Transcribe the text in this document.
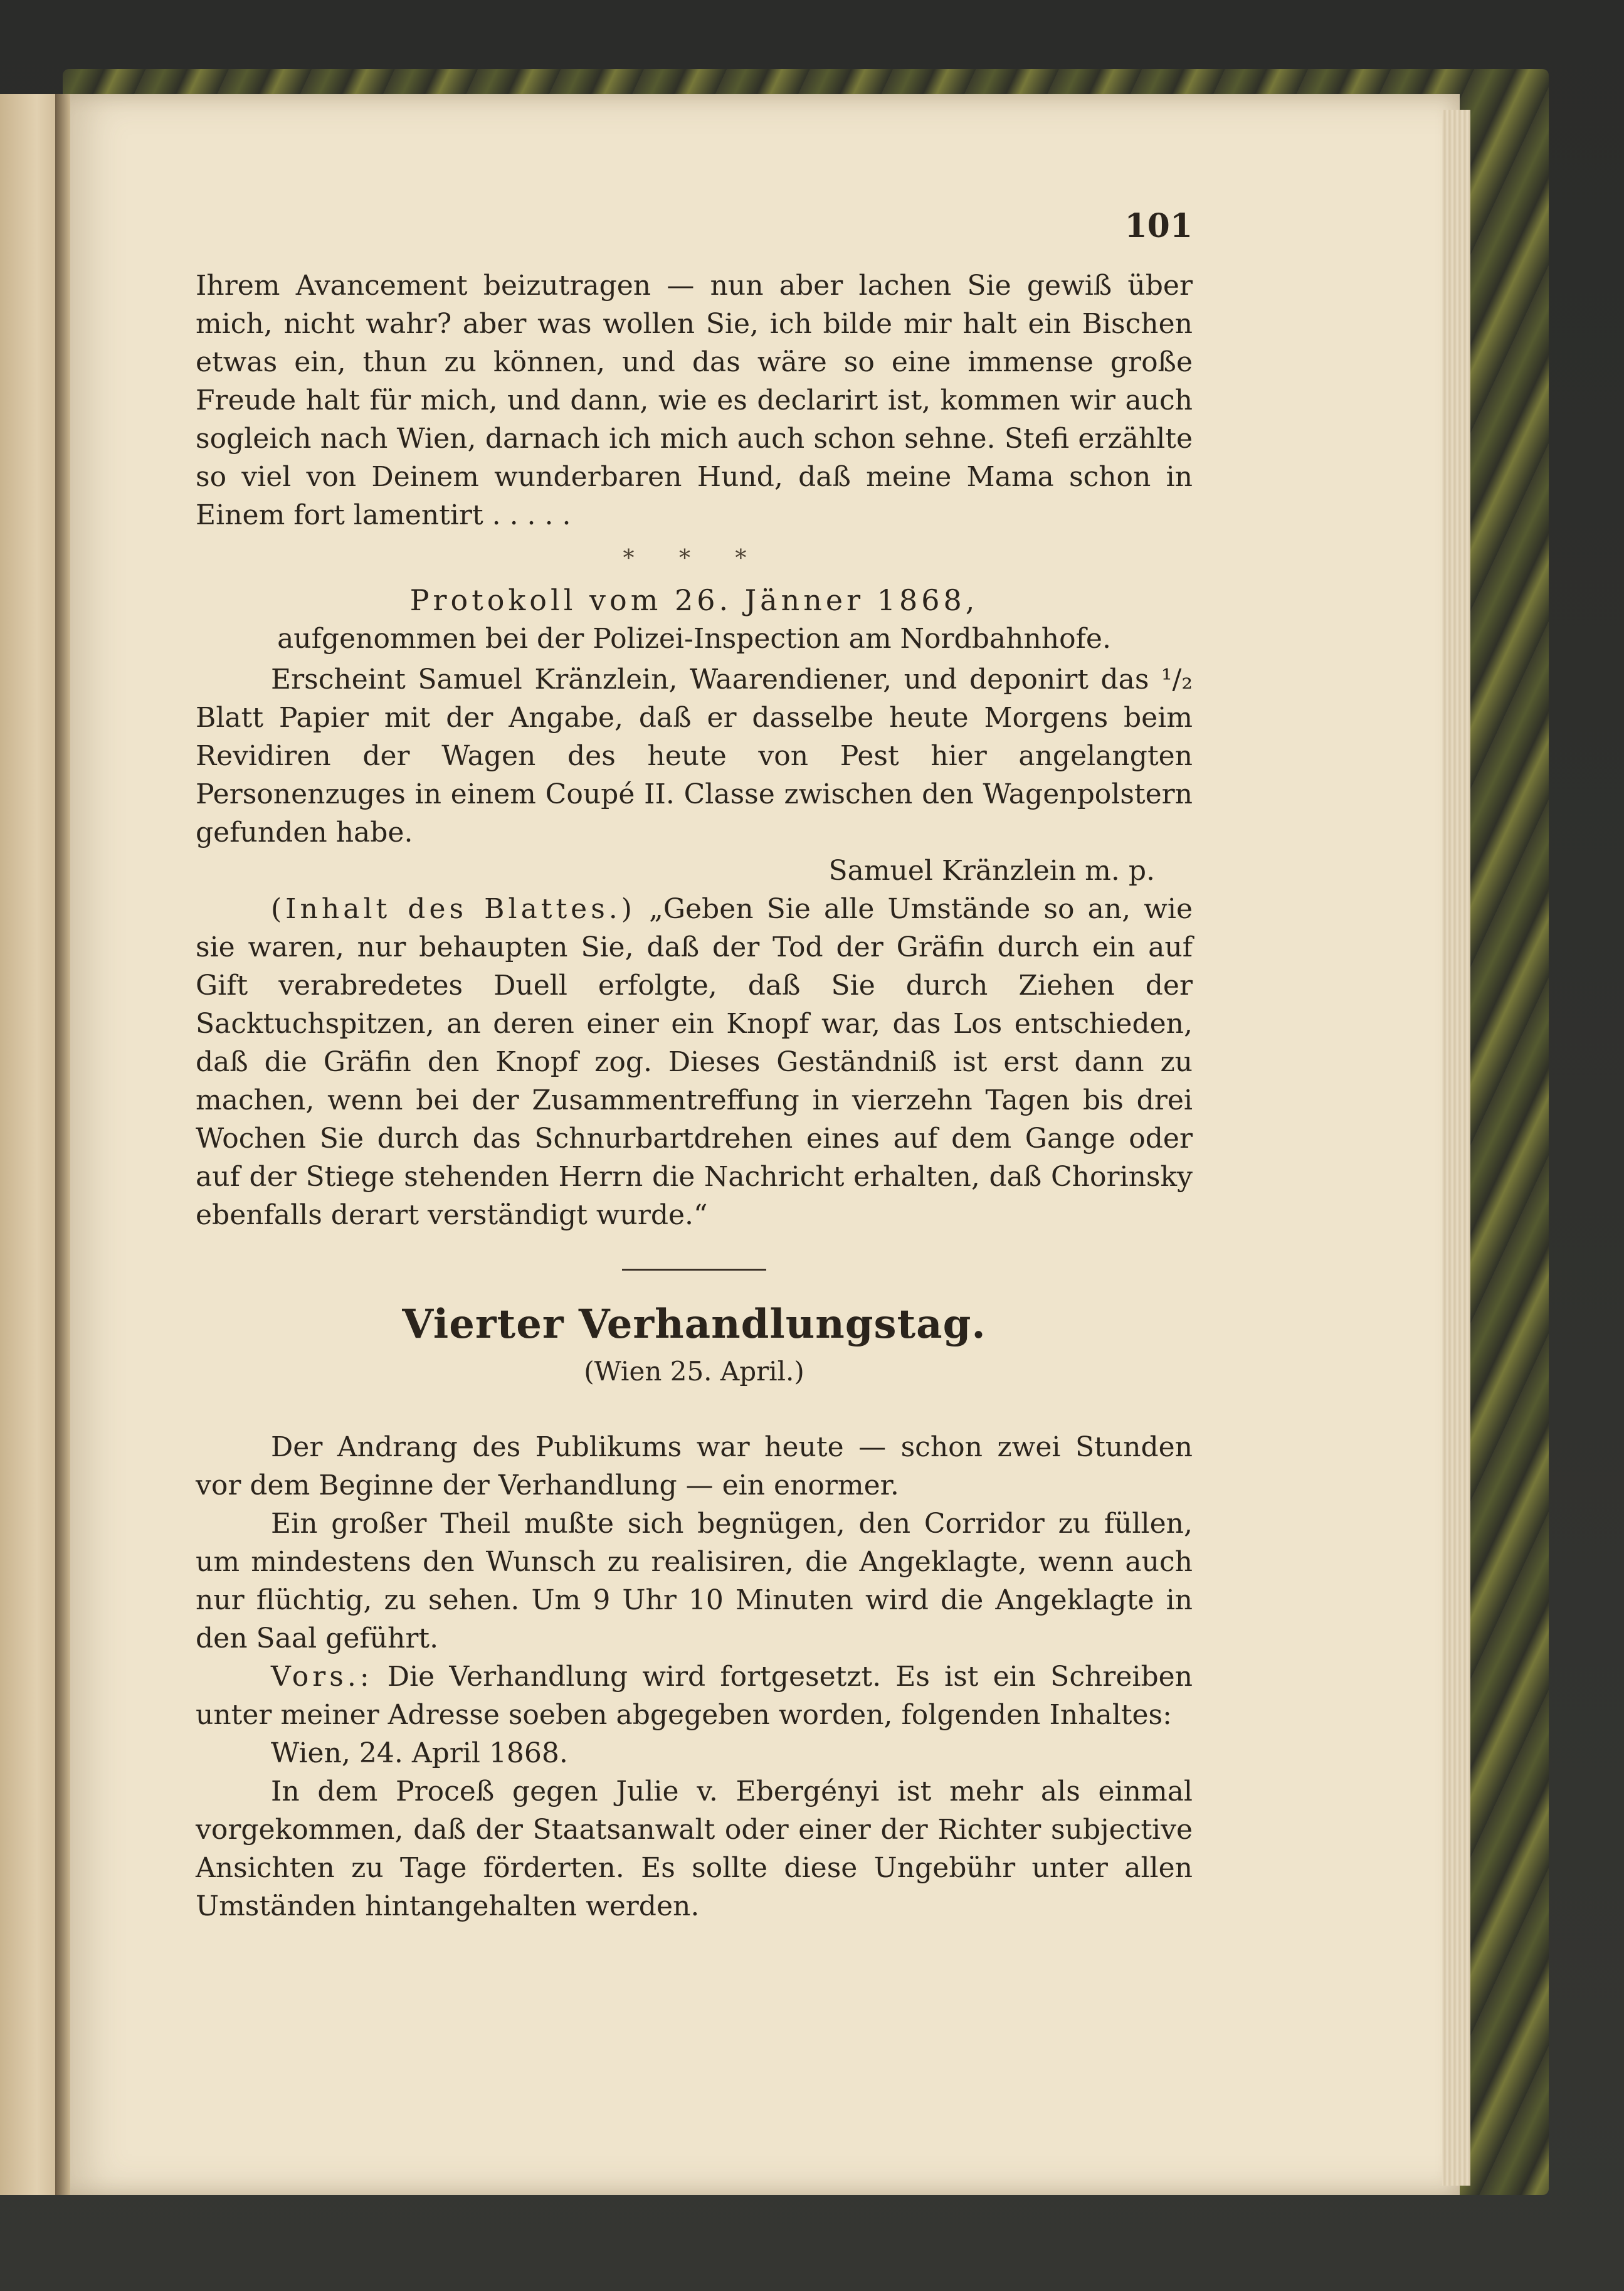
101

Ihrem Avancement beizutragen — nun aber lachen Sie gewiß über mich, nicht wahr? aber was wollen Sie, ich bilde mir halt ein Bischen etwas ein, thun zu können, und das wäre so eine immense große Freude halt für mich, und dann, wie es declarirt ist, kommen wir auch sogleich nach Wien, darnach ich mich auch schon sehne. Stefi erzählte so viel von Deinem wunderbaren Hund, daß meine Mama schon in Einem fort lamentirt . . . . .

* * *

Protokoll vom 26. Jänner 1868,

aufgenommen bei der Polizei-Inspection am Nordbahnhofe.

Erscheint Samuel Kränzlein, Waarendiener, und deponirt das ¹/₂ Blatt Papier mit der Angabe, daß er dasselbe heute Morgens beim Revidiren der Wagen des heute von Pest hier angelangten Personenzuges in einem Coupé II. Classe zwischen den Wagenpolstern gefunden habe.

Samuel Kränzlein m. p.

(Inhalt des Blattes.) „Geben Sie alle Umstände so an, wie sie waren, nur behaupten Sie, daß der Tod der Gräfin durch ein auf Gift verabredetes Duell erfolgte, daß Sie durch Ziehen der Sacktuchspitzen, an deren einer ein Knopf war, das Los entschieden, daß die Gräfin den Knopf zog. Dieses Geständniß ist erst dann zu machen, wenn bei der Zusammentreffung in vierzehn Tagen bis drei Wochen Sie durch das Schnurbartdrehen eines auf dem Gange oder auf der Stiege stehenden Herrn die Nachricht erhalten, daß Chorinsky ebenfalls derart verständigt wurde.“

Vierter Verhandlungstag.
(Wien 25. April.)

Der Andrang des Publikums war heute — schon zwei Stunden vor dem Beginne der Verhandlung — ein enormer.

Ein großer Theil mußte sich begnügen, den Corridor zu füllen, um mindestens den Wunsch zu realisiren, die Angeklagte, wenn auch nur flüchtig, zu sehen. Um 9 Uhr 10 Minuten wird die Angeklagte in den Saal geführt.

Vors.: Die Verhandlung wird fortgesetzt. Es ist ein Schreiben unter meiner Adresse soeben abgegeben worden, folgenden Inhaltes:

Wien, 24. April 1868.

In dem Proceß gegen Julie v. Ebergényi ist mehr als einmal vorgekommen, daß der Staatsanwalt oder einer der Richter subjective Ansichten zu Tage förderten. Es sollte diese Ungebühr unter allen Umständen hintangehalten werden.
